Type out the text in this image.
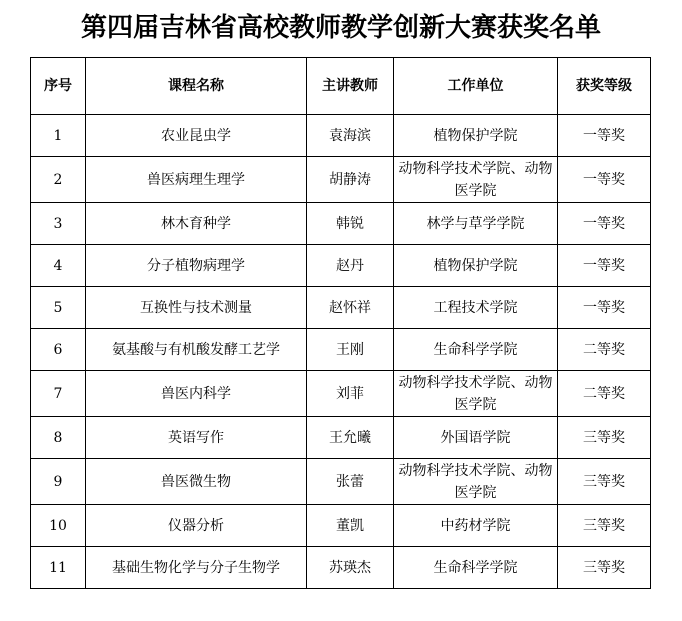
第四届吉林省高校教师教学创新大赛获奖名单
序号	课程名称	主讲教师	工作单位	获奖等级
1	农业昆虫学	袁海滨	植物保护学院	一等奖
2	兽医病理生理学	胡静涛	动物科学技术学院、动物医学院	一等奖
3	林木育种学	韩锐	林学与草学学院	一等奖
4	分子植物病理学	赵丹	植物保护学院	一等奖
5	互换性与技术测量	赵怀祥	工程技术学院	一等奖
6	氨基酸与有机酸发酵工艺学	王刚	生命科学学院	二等奖
7	兽医内科学	刘菲	动物科学技术学院、动物医学院	二等奖
8	英语写作	王允曦	外国语学院	三等奖
9	兽医微生物	张蕾	动物科学技术学院、动物医学院	三等奖
10	仪器分析	董凯	中药材学院	三等奖
11	基础生物化学与分子生物学	苏瑛杰	生命科学学院	三等奖
